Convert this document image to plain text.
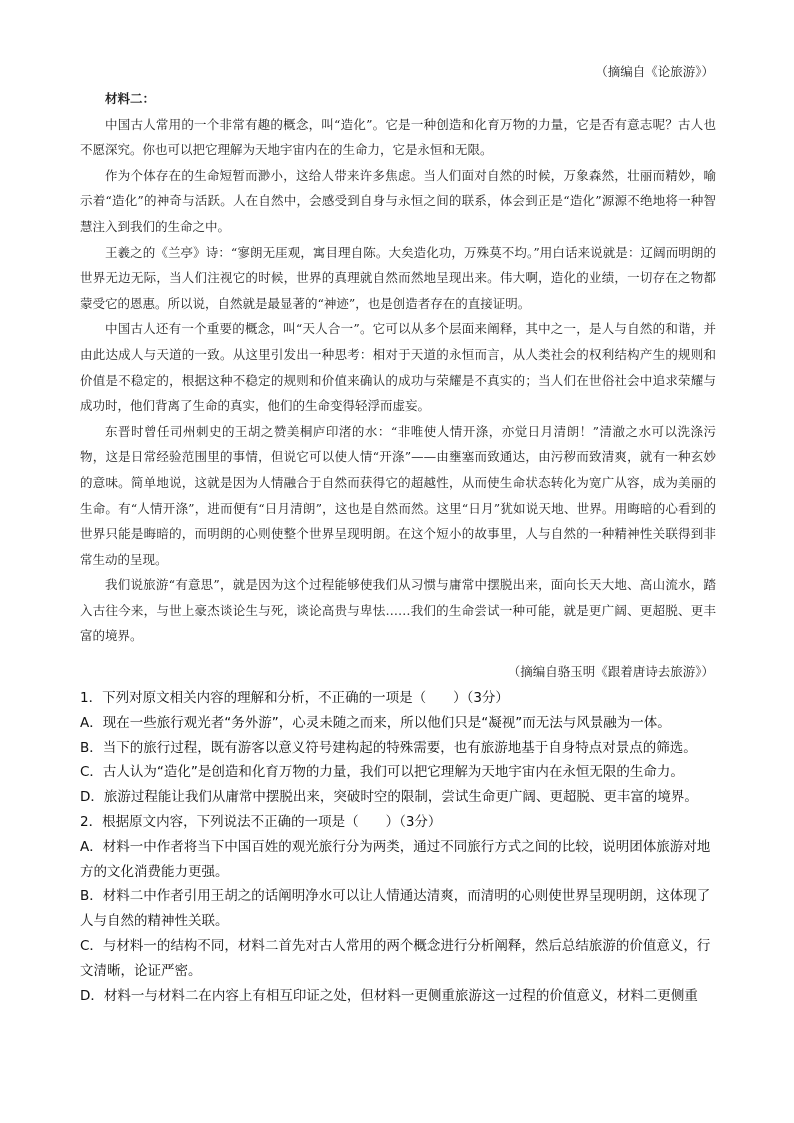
（摘编自《论旅游》）

材料二：

中国古人常用的一个非常有趣的概念，叫“造化”。它是一种创造和化育万物的力量，它是否有意志呢？古人也不愿深究。你也可以把它理解为天地宇宙内在的生命力，它是永恒和无限。

作为个体存在的生命短暂而渺小，这给人带来许多焦虑。当人们面对自然的时候，万象森然，壮丽而精妙，喻示着“造化”的神奇与活跃。人在自然中，会感受到自身与永恒之间的联系，体会到正是“造化”源源不绝地将一种智慧注入到我们的生命之中。

王羲之的《兰亭》诗：“寥朗无厓观，寓目理自陈。大矣造化功，万殊莫不均。”用白话来说就是：辽阔而明朗的世界无边无际，当人们注视它的时候，世界的真理就自然而然地呈现出来。伟大啊，造化的业绩，一切存在之物都蒙受它的恩惠。所以说，自然就是最显著的“神迹”，也是创造者存在的直接证明。

中国古人还有一个重要的概念，叫“天人合一”。它可以从多个层面来阐释，其中之一，是人与自然的和谐，并由此达成人与天道的一致。从这里引发出一种思考：相对于天道的永恒而言，从人类社会的权利结构产生的规则和价值是不稳定的，根据这种不稳定的规则和价值来确认的成功与荣耀是不真实的；当人们在世俗社会中追求荣耀与成功时，他们背离了生命的真实，他们的生命变得轻浮而虚妄。

东晋时曾任司州刺史的王胡之赞美桐庐印渚的水：“非唯使人情开涤，亦觉日月清朗！”清澈之水可以洗涤污物，这是日常经验范围里的事情，但说它可以使人情“开涤”——由壅塞而致通达，由污秽而致清爽，就有一种玄妙的意味。简单地说，这就是因为人情融合于自然而获得它的超越性，从而使生命状态转化为宽广从容，成为美丽的生命。有“人情开涤”，进而便有“日月清朗”，这也是自然而然。这里“日月”犹如说天地、世界。用晦暗的心看到的世界只能是晦暗的，而明朗的心则使整个世界呈现明朗。在这个短小的故事里，人与自然的一种精神性关联得到非常生动的呈现。

我们说旅游“有意思”，就是因为这个过程能够使我们从习惯与庸常中摆脱出来，面向长天大地、高山流水，踏入古往今来，与世上豪杰谈论生与死，谈论高贵与卑怯……我们的生命尝试一种可能，就是更广阔、更超脱、更丰富的境界。

（摘编自骆玉明《跟着唐诗去旅游》）

1．下列对原文相关内容的理解和分析，不正确的一项是（　　）（3分）

A．现在一些旅行观光者“务外游”，心灵未随之而来，所以他们只是“凝视”而无法与风景融为一体。

B．当下的旅行过程，既有游客以意义符号建构起的特殊需要，也有旅游地基于自身特点对景点的筛选。

C．古人认为“造化”是创造和化育万物的力量，我们可以把它理解为天地宇宙内在永恒无限的生命力。

D．旅游过程能让我们从庸常中摆脱出来，突破时空的限制，尝试生命更广阔、更超脱、更丰富的境界。

2．根据原文内容，下列说法不正确的一项是（　　）（3分）

A．材料一中作者将当下中国百姓的观光旅行分为两类，通过不同旅行方式之间的比较，说明团体旅游对地方的文化消费能力更强。

B．材料二中作者引用王胡之的话阐明净水可以让人情通达清爽，而清明的心则使世界呈现明朗，这体现了人与自然的精神性关联。

C．与材料一的结构不同，材料二首先对古人常用的两个概念进行分析阐释，然后总结旅游的价值意义，行文清晰，论证严密。

D．材料一与材料二在内容上有相互印证之处，但材料一更侧重旅游这一过程的价值意义，材料二更侧重
